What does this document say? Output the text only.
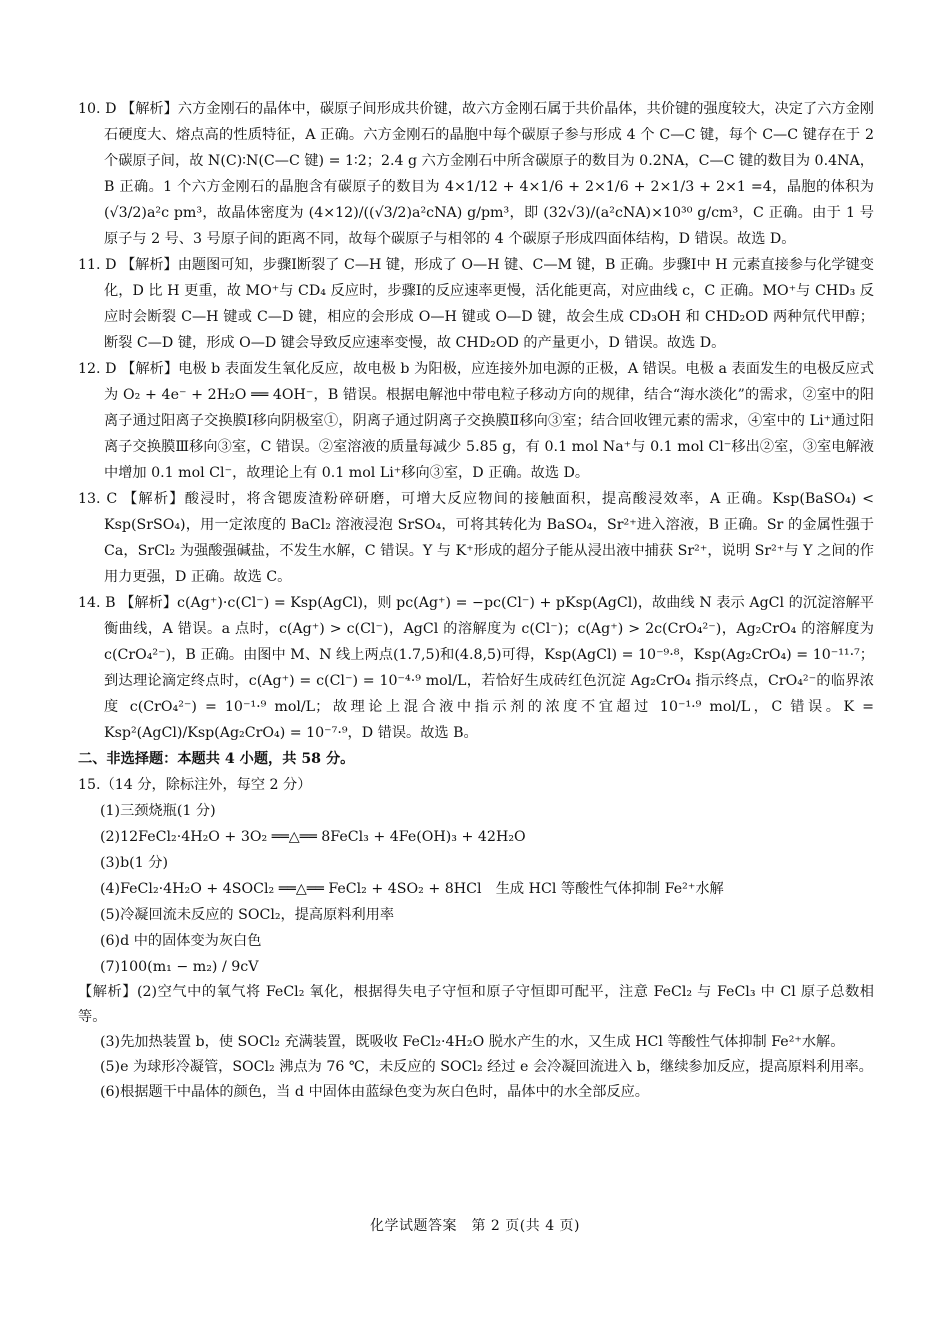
10. D 【解析】六方金刚石的晶体中，碳原子间形成共价键，故六方金刚石属于共价晶体，共价键的强度较大，决定了六方金刚石硬度大、熔点高的性质特征，A 正确。六方金刚石的晶胞中每个碳原子参与形成 4 个 C—C 键，每个 C—C 键存在于 2 个碳原子间，故 N(C)∶N(C—C 键) = 1∶2；2.4 g 六方金刚石中所含碳原子的数目为 0.2NA，C—C 键的数目为 0.4NA，B 正确。1 个六方金刚石的晶胞含有碳原子的数目为 4×1/12 + 4×1/6 + 2×1/6 + 2×1/3 + 2×1 =4，晶胞的体积为 (√3/2)a²c pm³，故晶体密度为 (4×12)/((√3/2)a²cNA) g/pm³，即 (32√3)/(a²cNA)×10³⁰ g/cm³，C 正确。由于 1 号原子与 2 号、3 号原子间的距离不同，故每个碳原子与相邻的 4 个碳原子形成四面体结构，D 错误。故选 D。

11. D 【解析】由题图可知，步骤Ⅰ断裂了 C—H 键，形成了 O—H 键、C—M 键，B 正确。步骤Ⅰ中 H 元素直接参与化学键变化，D 比 H 更重，故 MO⁺与 CD₄ 反应时，步骤Ⅰ的反应速率更慢，活化能更高，对应曲线 c，C 正确。MO⁺与 CHD₃ 反应时会断裂 C—H 键或 C—D 键，相应的会形成 O—H 键或 O—D 键，故会生成 CD₃OH 和 CHD₂OD 两种氘代甲醇；断裂 C—D 键，形成 O—D 键会导致反应速率变慢，故 CHD₂OD 的产量更小，D 错误。故选 D。

12. D 【解析】电极 b 表面发生氧化反应，故电极 b 为阳极，应连接外加电源的正极，A 错误。电极 a 表面发生的电极反应式为 O₂ + 4e⁻ + 2H₂O ══ 4OH⁻，B 错误。根据电解池中带电粒子移动方向的规律，结合“海水淡化”的需求，②室中的阳离子通过阳离子交换膜Ⅰ移向阴极室①，阴离子通过阴离子交换膜Ⅱ移向③室；结合回收锂元素的需求，④室中的 Li⁺通过阳离子交换膜Ⅲ移向③室，C 错误。②室溶液的质量每减少 5.85 g，有 0.1 mol Na⁺与 0.1 mol Cl⁻移出②室，③室电解液中增加 0.1 mol Cl⁻，故理论上有 0.1 mol Li⁺移向③室，D 正确。故选 D。

13. C 【解析】酸浸时，将含锶废渣粉碎研磨，可增大反应物间的接触面积，提高酸浸效率，A 正确。Ksp(BaSO₄) < Ksp(SrSO₄)，用一定浓度的 BaCl₂ 溶液浸泡 SrSO₄，可将其转化为 BaSO₄，Sr²⁺进入溶液，B 正确。Sr 的金属性强于 Ca，SrCl₂ 为强酸强碱盐，不发生水解，C 错误。Y 与 K⁺形成的超分子能从浸出液中捕获 Sr²⁺，说明 Sr²⁺与 Y 之间的作用力更强，D 正确。故选 C。

14. B 【解析】c(Ag⁺)·c(Cl⁻) = Ksp(AgCl)，则 pc(Ag⁺) = −pc(Cl⁻) + pKsp(AgCl)，故曲线 N 表示 AgCl 的沉淀溶解平衡曲线，A 错误。a 点时，c(Ag⁺) > c(Cl⁻)，AgCl 的溶解度为 c(Cl⁻)；c(Ag⁺) > 2c(CrO₄²⁻)，Ag₂CrO₄ 的溶解度为 c(CrO₄²⁻)，B 正确。由图中 M、N 线上两点(1.7,5)和(4.8,5)可得，Ksp(AgCl) = 10⁻⁹·⁸，Ksp(Ag₂CrO₄) = 10⁻¹¹·⁷；到达理论滴定终点时，c(Ag⁺) = c(Cl⁻) = 10⁻⁴·⁹ mol/L，若恰好生成砖红色沉淀 Ag₂CrO₄ 指示终点，CrO₄²⁻的临界浓度 c(CrO₄²⁻) = 10⁻¹·⁹ mol/L；故理论上混合液中指示剂的浓度不宜超过 10⁻¹·⁹ mol/L，C 错误。K = Ksp²(AgCl)/Ksp(Ag₂CrO₄) = 10⁻⁷·⁹，D 错误。故选 B。

二、非选择题：本题共 4 小题，共 58 分。

15.（14 分，除标注外，每空 2 分）

(1)三颈烧瓶(1 分)

(2)12FeCl₂·4H₂O + 3O₂ ══△══ 8FeCl₃ + 4Fe(OH)₃ + 42H₂O

(3)b(1 分)

(4)FeCl₂·4H₂O + 4SOCl₂ ══△══ FeCl₂ + 4SO₂ + 8HCl　生成 HCl 等酸性气体抑制 Fe²⁺水解

(5)冷凝回流未反应的 SOCl₂，提高原料利用率

(6)d 中的固体变为灰白色

(7)100(m₁ − m₂) / 9cV

【解析】(2)空气中的氧气将 FeCl₂ 氧化，根据得失电子守恒和原子守恒即可配平，注意 FeCl₂ 与 FeCl₃ 中 Cl 原子总数相等。

(3)先加热装置 b，使 SOCl₂ 充满装置，既吸收 FeCl₂·4H₂O 脱水产生的水，又生成 HCl 等酸性气体抑制 Fe²⁺水解。

(5)e 为球形冷凝管，SOCl₂ 沸点为 76 ℃，未反应的 SOCl₂ 经过 e 会冷凝回流进入 b，继续参加反应，提高原料利用率。

(6)根据题干中晶体的颜色，当 d 中固体由蓝绿色变为灰白色时，晶体中的水全部反应。

化学试题答案　第 2 页(共 4 页)
